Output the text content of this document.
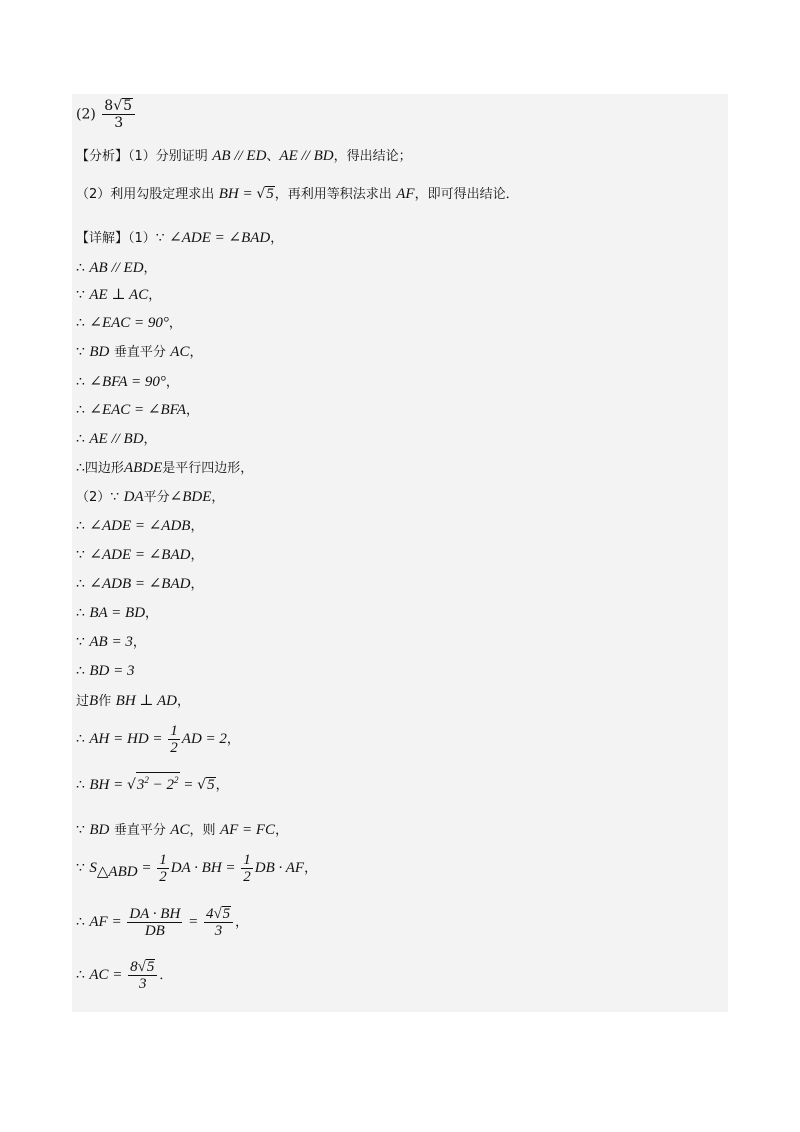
$(2) \frac{8√5}{3}$
【分析】（1）分别证明 AB // ED、AE // BD，得出结论；
（2）利用勾股定理求出 BH = √5，再利用等积法求出 AF，即可得出结论．
【详解】（1）∵ ∠ADE = ∠BAD，
∴ AB // ED，
∵ AE ⊥ AC，
∴ ∠EAC = 90°，
∵ BD 垂直平分 AC，
∴ ∠BFA = 90°，
∴ ∠EAC = ∠BFA，
∴ AE // BD，
∴四边形ABDE是平行四边形，
（2）∵ DA平分∠BDE，
∴ ∠ADE = ∠ADB，
∵ ∠ADE = ∠BAD，
∴ ∠ADB = ∠BAD，
∴ BA = BD，
∵ AB = 3，
∴ BD = 3
过B作 BH ⊥ AD，
∴ AH = HD = $\frac{1}{2}$ AD = 2，
∴ BH = $√3^2 - 2^2 = √5$，
∵ BD 垂直平分 AC，则 AF = FC，
∵ $S_{\triangle ABD} = \frac{1}{2}$ DA · BH = $\frac{1}{2}$ DB · AF，
∴ AF = $\frac{DA \cdot BH}{DB} = \frac{4√5}{3}$ ，
∴ AC = $\frac{8√5}{3}$ ．
